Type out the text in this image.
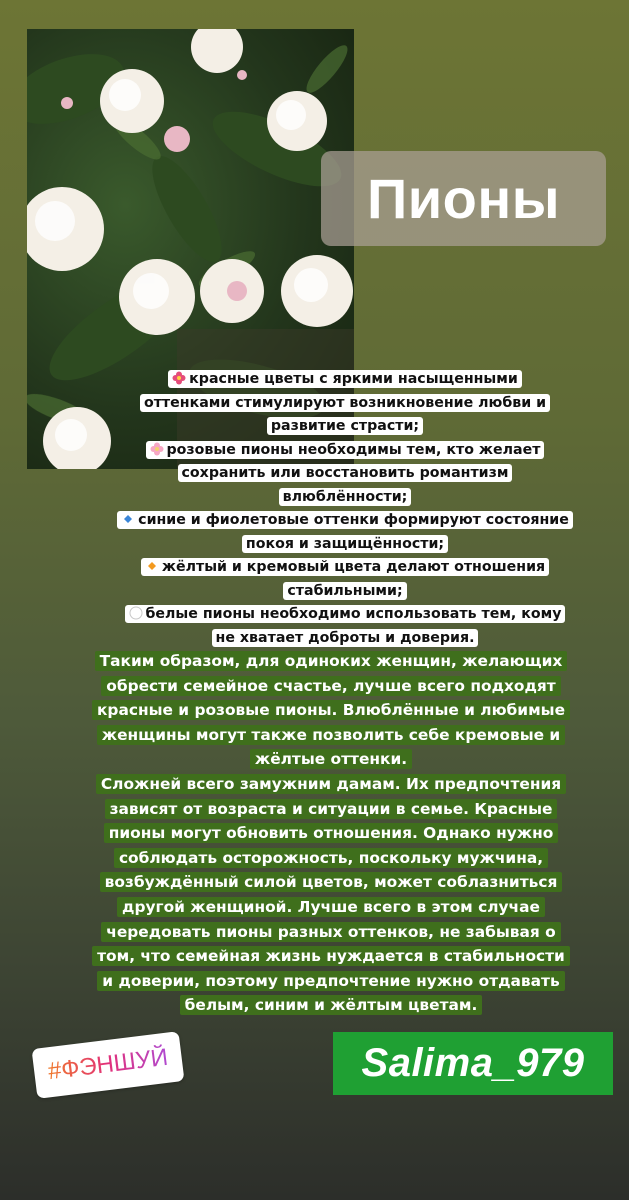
Пионы
красные цветы с яркими насыщенными
оттенками стимулируют возникновение любви и
развитие страсти;
розовые пионы необходимы тем, кто желает
сохранить или восстановить романтизм
влюблённости;
синие и фиолетовые оттенки формируют состояние
покоя и защищённости;
жёлтый и кремовый цвета делают отношения
стабильными;
белые пионы необходимо использовать тем, кому
не хватает доброты и доверия.
Таким образом, для одиноких женщин, желающих
обрести семейное счастье, лучше всего подходят
красные и розовые пионы. Влюблённые и любимые
женщины могут также позволить себе кремовые и
жёлтые оттенки.
Сложней всего замужним дамам. Их предпочтения
зависят от возраста и ситуации в семье. Красные
пионы могут обновить отношения. Однако нужно
соблюдать осторожность, поскольку мужчина,
возбуждённый силой цветов, может соблазниться
другой женщиной. Лучше всего в этом случае
чередовать пионы разных оттенков, не забывая о
том, что семейная жизнь нуждается в стабильности
и доверии, поэтому предпочтение нужно отдавать
белым, синим и жёлтым цветам.
#ФЭНШУЙ	Salima_979
